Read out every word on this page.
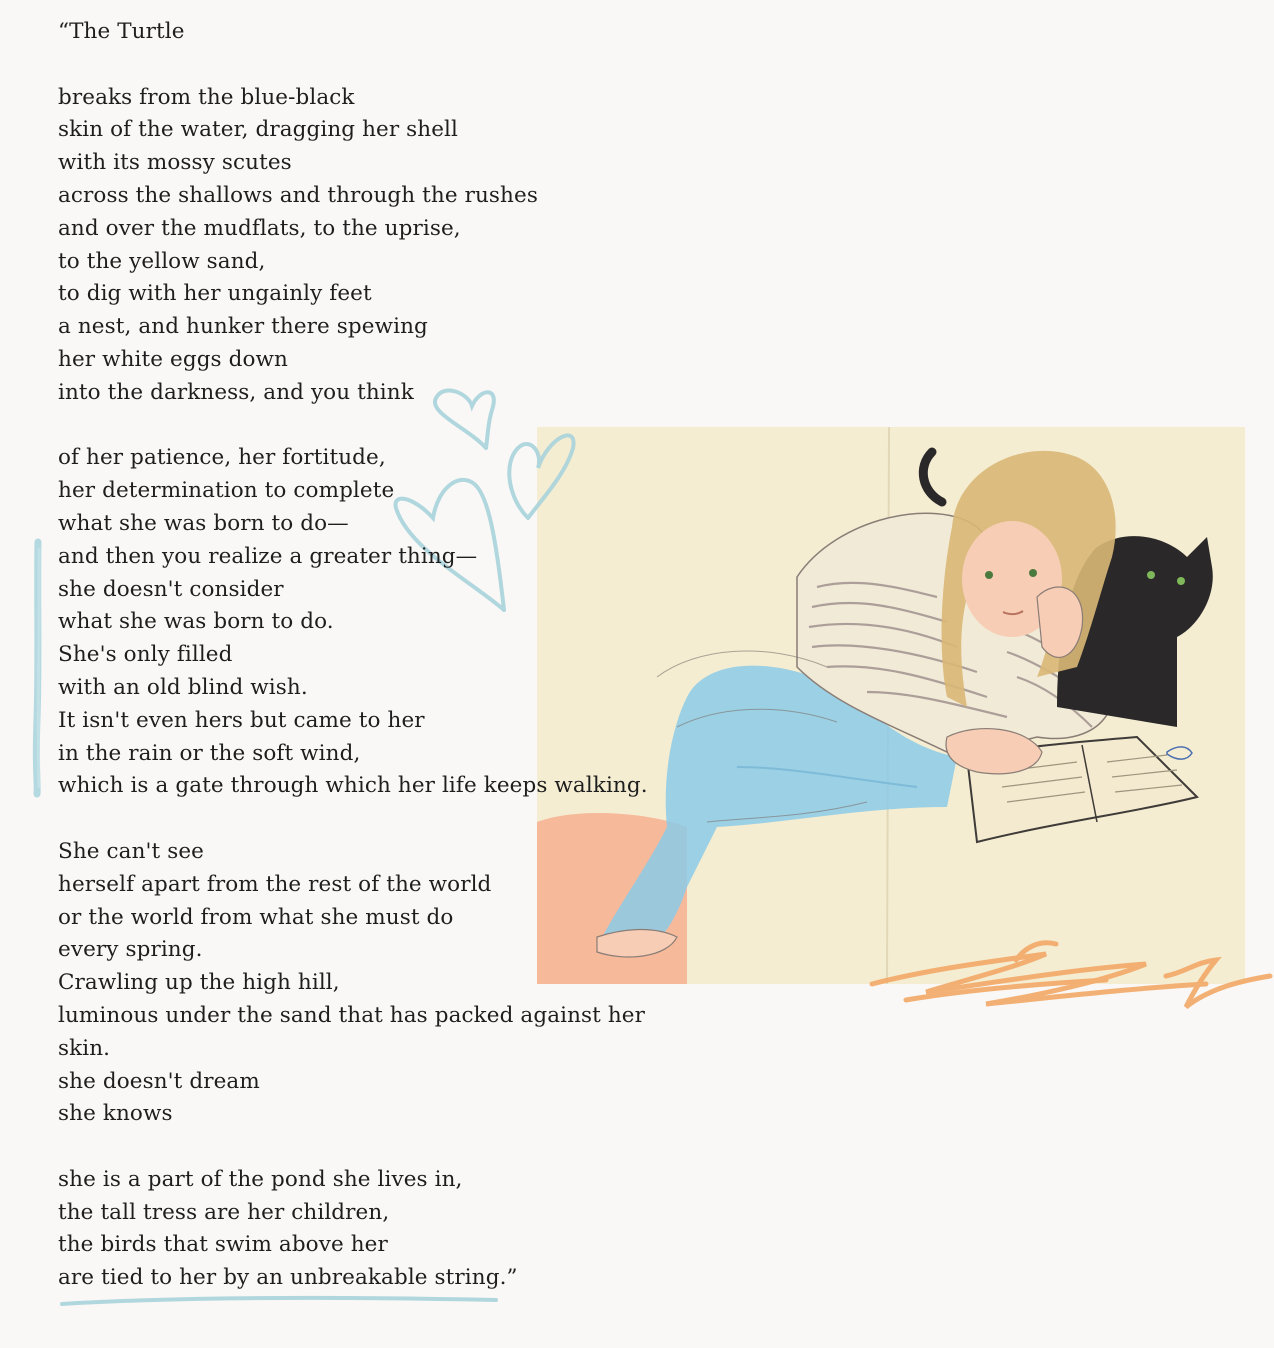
“The Turtle
breaks from the blue-black
skin of the water, dragging her shell
with its mossy scutes
across the shallows and through the rushes
and over the mudflats, to the uprise,
to the yellow sand,
to dig with her ungainly feet
a nest, and hunker there spewing
her white eggs down
into the darkness, and you think
of her patience, her fortitude,
her determination to complete
what she was born to do—
and then you realize a greater thing—
she doesn't consider
what she was born to do.
She's only filled
with an old blind wish.
It isn't even hers but came to her
in the rain or the soft wind,
which is a gate through which her life keeps walking.
She can't see
herself apart from the rest of the world
or the world from what she must do
every spring.
Crawling up the high hill,
luminous under the sand that has packed against her
skin.
she doesn't dream
she knows
she is a part of the pond she lives in,
the tall tress are her children,
the birds that swim above her
are tied to her by an unbreakable string.”
